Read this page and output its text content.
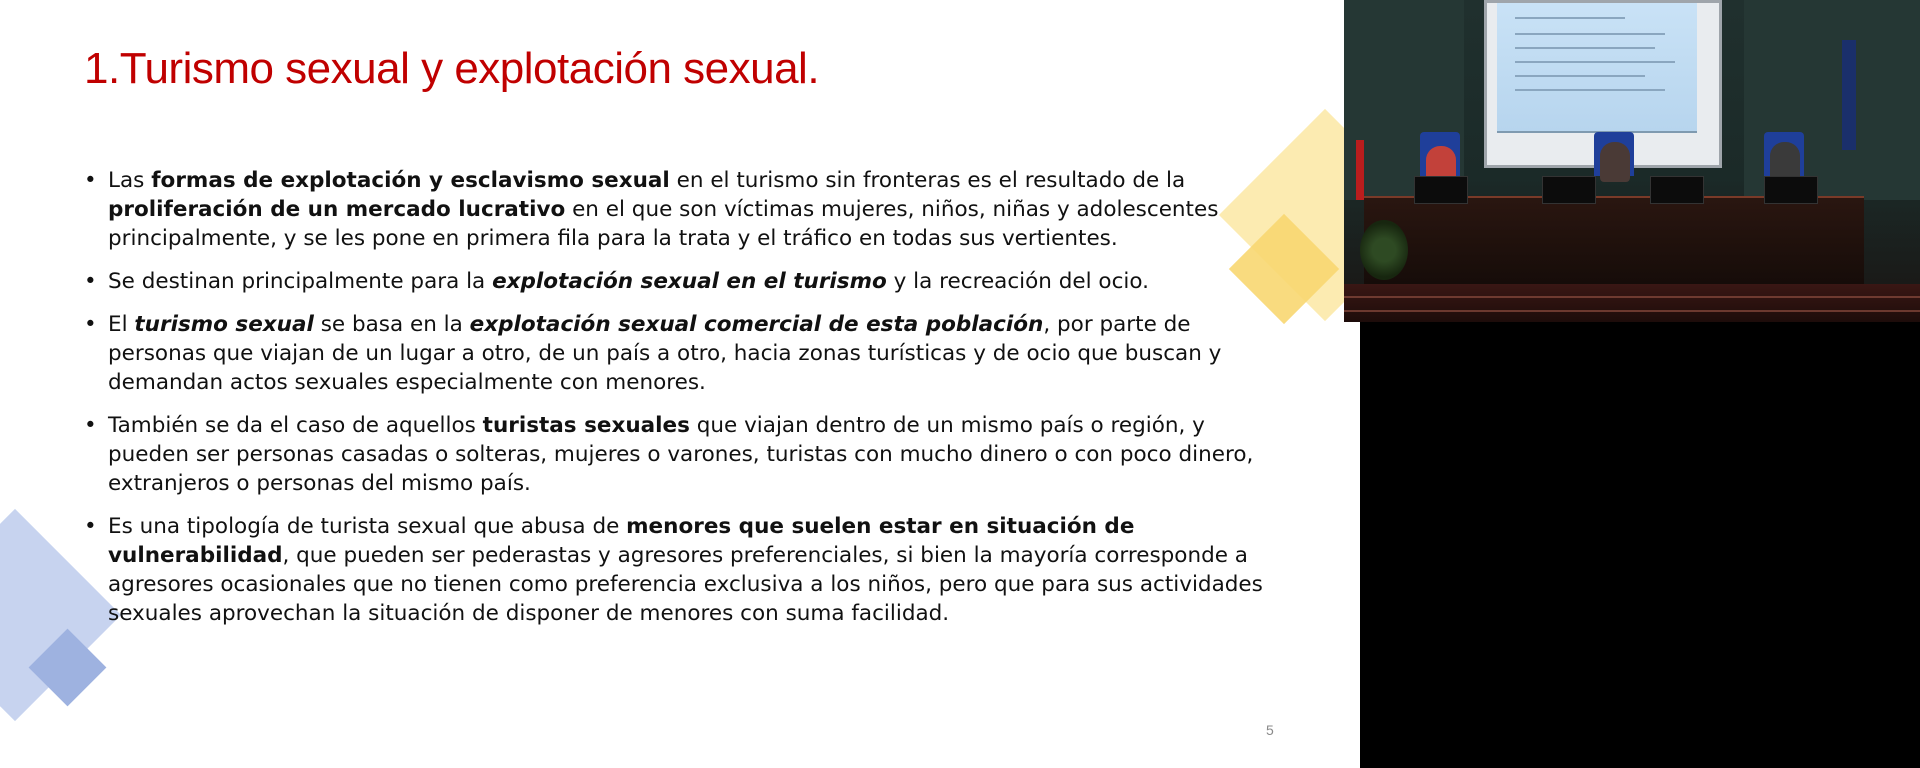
1.Turismo sexual y explotación sexual.
• Las formas de explotación y esclavismo sexual en el turismo sin fronteras es el resultado de la proliferación de un mercado lucrativo en el que son víctimas mujeres, niños, niñas y adolescentes principalmente, y se les pone en primera fila para la trata y el tráfico en todas sus vertientes.
• Se destinan principalmente para la explotación sexual en el turismo y la recreación del ocio.
• El turismo sexual se basa en la explotación sexual comercial de esta población, por parte de personas que viajan de un lugar a otro, de un país a otro, hacia zonas turísticas y de ocio que buscan y demandan actos sexuales especialmente con menores.
• También se da el caso de aquellos turistas sexuales que viajan dentro de un mismo país o región, y pueden ser personas casadas o solteras, mujeres o varones, turistas con mucho dinero o con poco dinero, extranjeros o personas del mismo país.
• Es una tipología de turista sexual que abusa de menores que suelen estar en situación de vulnerabilidad, que pueden ser pederastas y agresores preferenciales, si bien la mayoría corresponde a agresores ocasionales que no tienen como preferencia exclusiva a los niños, pero que para sus actividades sexuales aprovechan la situación de disponer de menores con suma facilidad.
5
